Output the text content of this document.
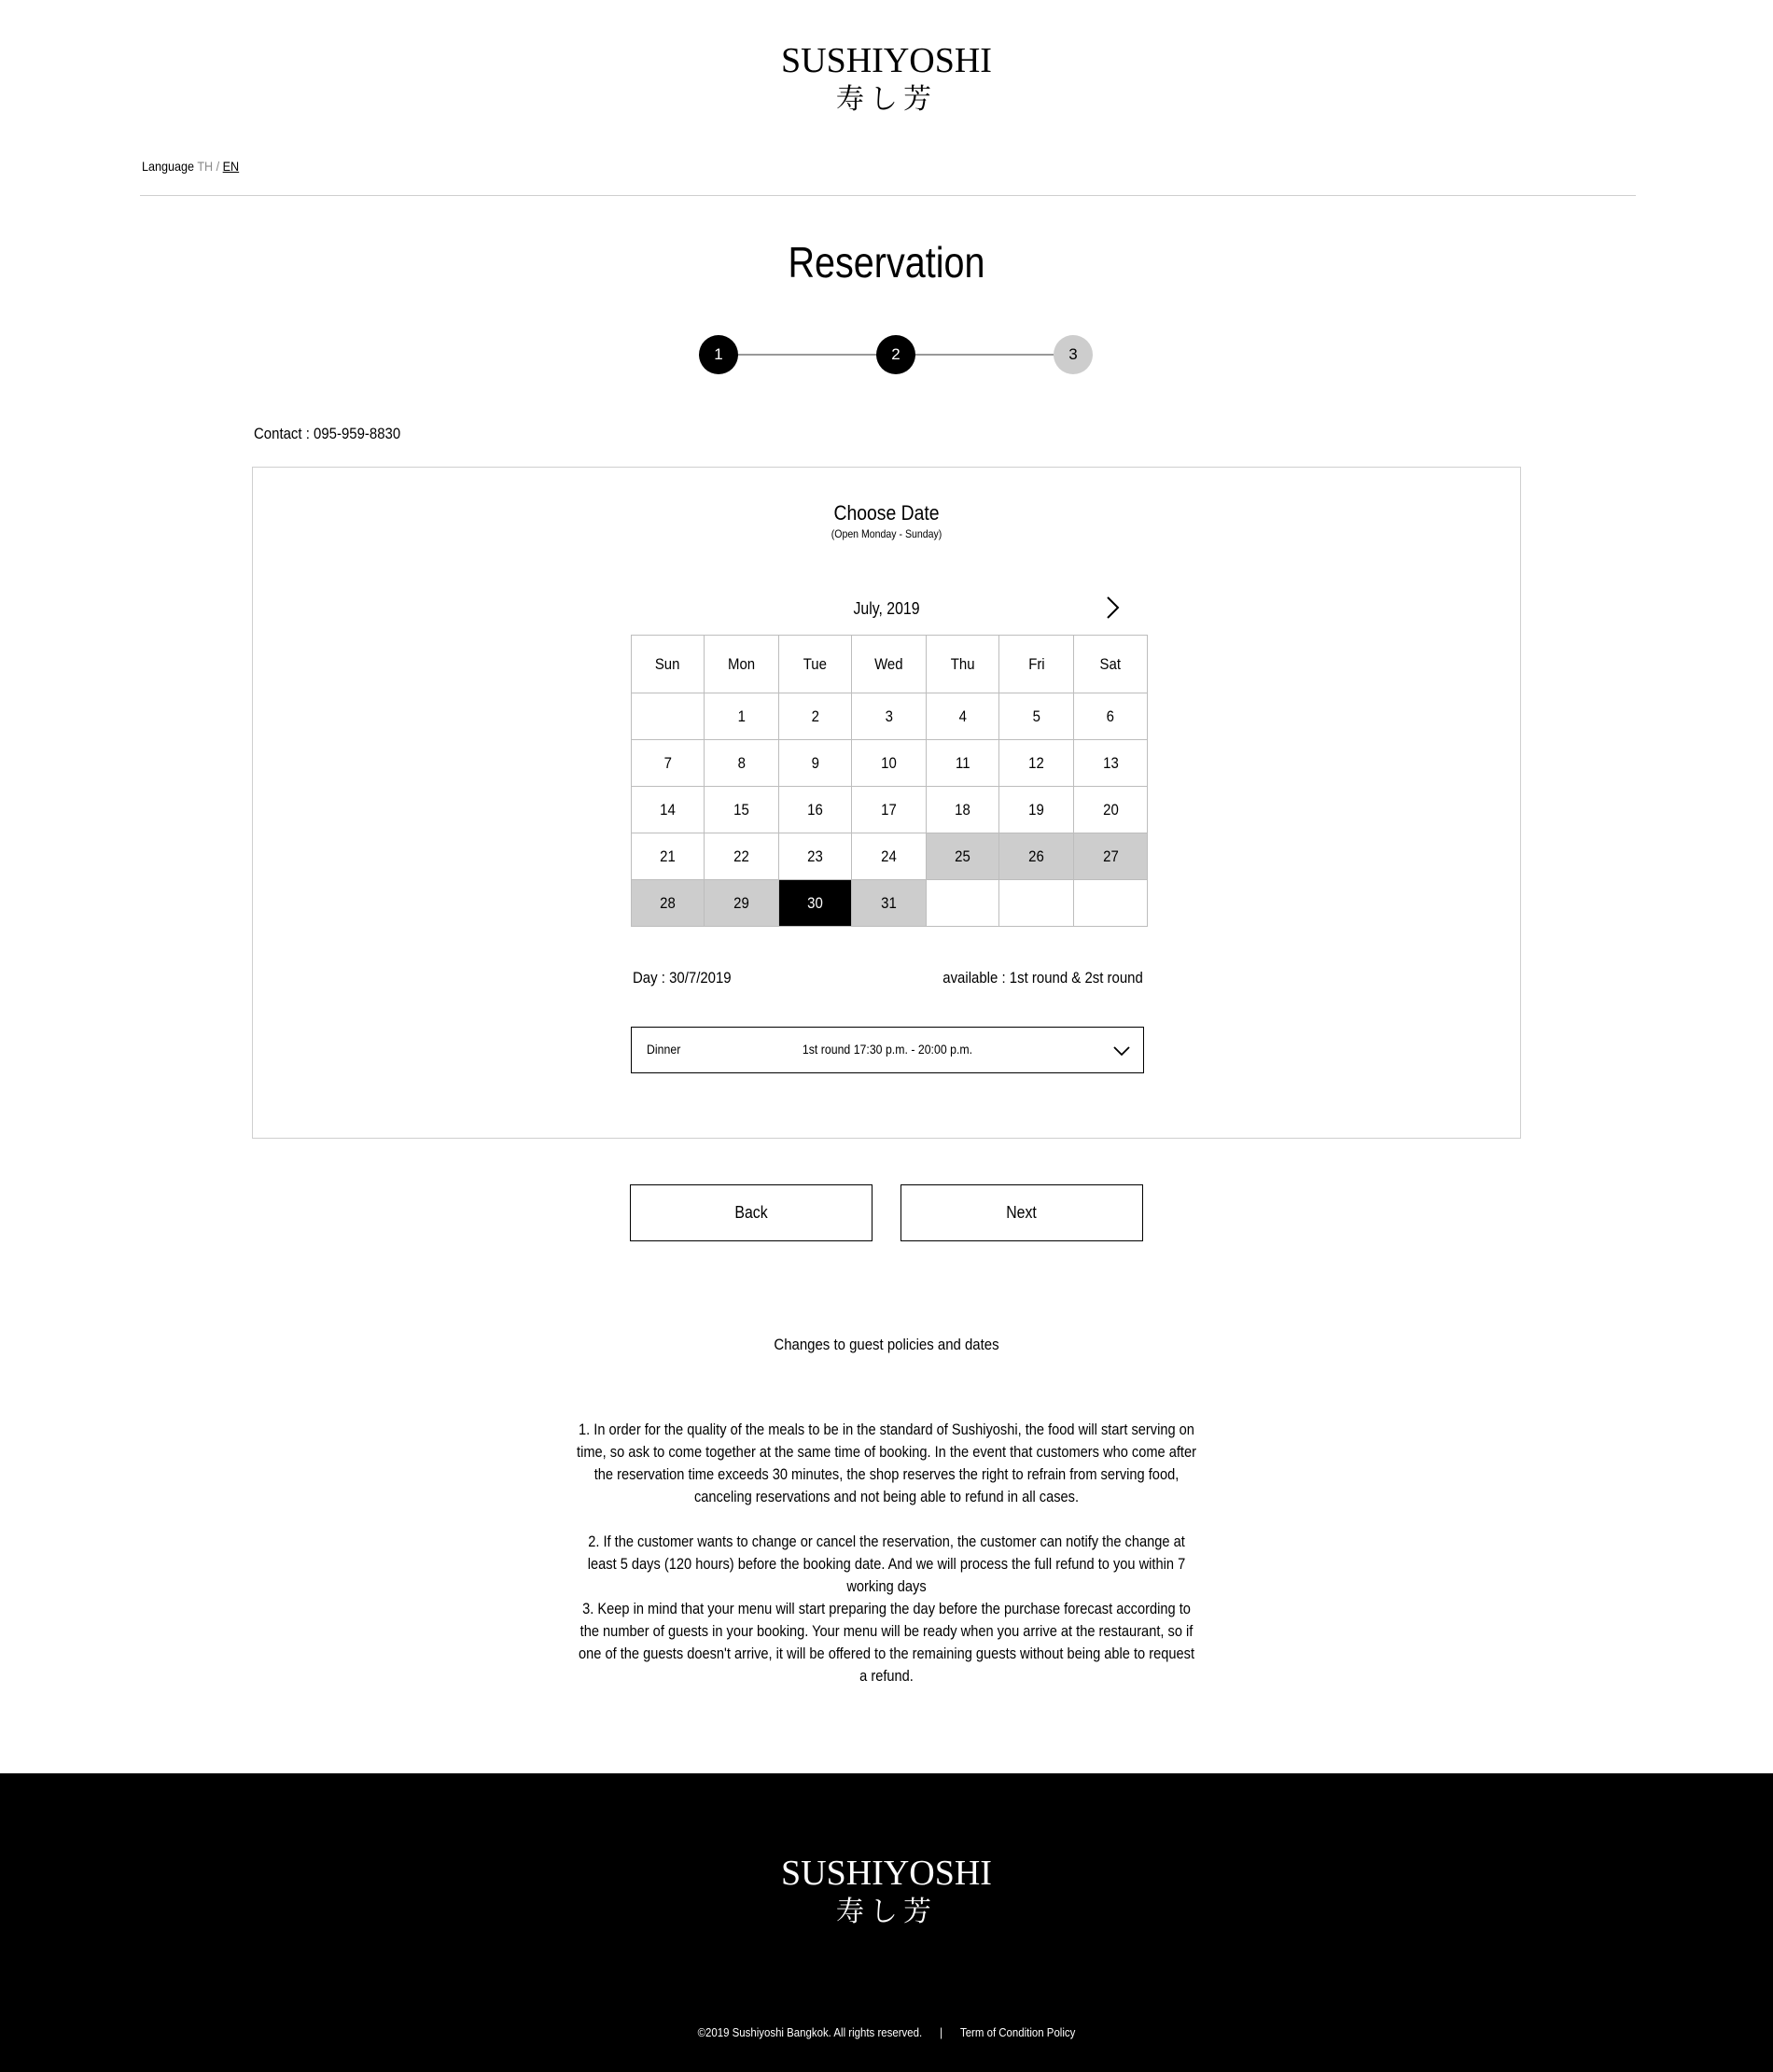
SUSHIYOSHI
寿し芳
Language TH / EN
Reservation
1	2	3
Contact : 095-959-8830
Choose Date
(Open Monday - Sunday)
July, 2019
Sun	Mon	Tue	Wed	Thu	Fri	Sat
	1	2	3	4	5	6
7	8	9	10	11	12	13
14	15	16	17	18	19	20
21	22	23	24	25	26	27
28	29	30	31			
Day : 30/7/2019	available : 1st round & 2st round
Dinner	1st round 17:30 p.m. - 20:00 p.m.
Back	Next
Changes to guest policies and dates

1. In order for the quality of the meals to be in the standard of Sushiyoshi, the food will start serving on time, so ask to come together at the same time of booking. In the event that customers who come after the reservation time exceeds 30 minutes, the shop reserves the right to refrain from serving food, canceling reservations and not being able to refund in all cases.

2. If the customer wants to change or cancel the reservation, the customer can notify the change at least 5 days (120 hours) before the booking date. And we will process the full refund to you within 7 working days

3. Keep in mind that your menu will start preparing the day before the purchase forecast according to the number of guests in your booking. Your menu will be ready when you arrive at the restaurant, so if one of the guests doesn't arrive, it will be offered to the remaining guests without being able to request a refund.

SUSHIYOSHI
寿し芳
©2019 Sushiyoshi Bangkok. All rights reserved. | Term of Condition Policy
